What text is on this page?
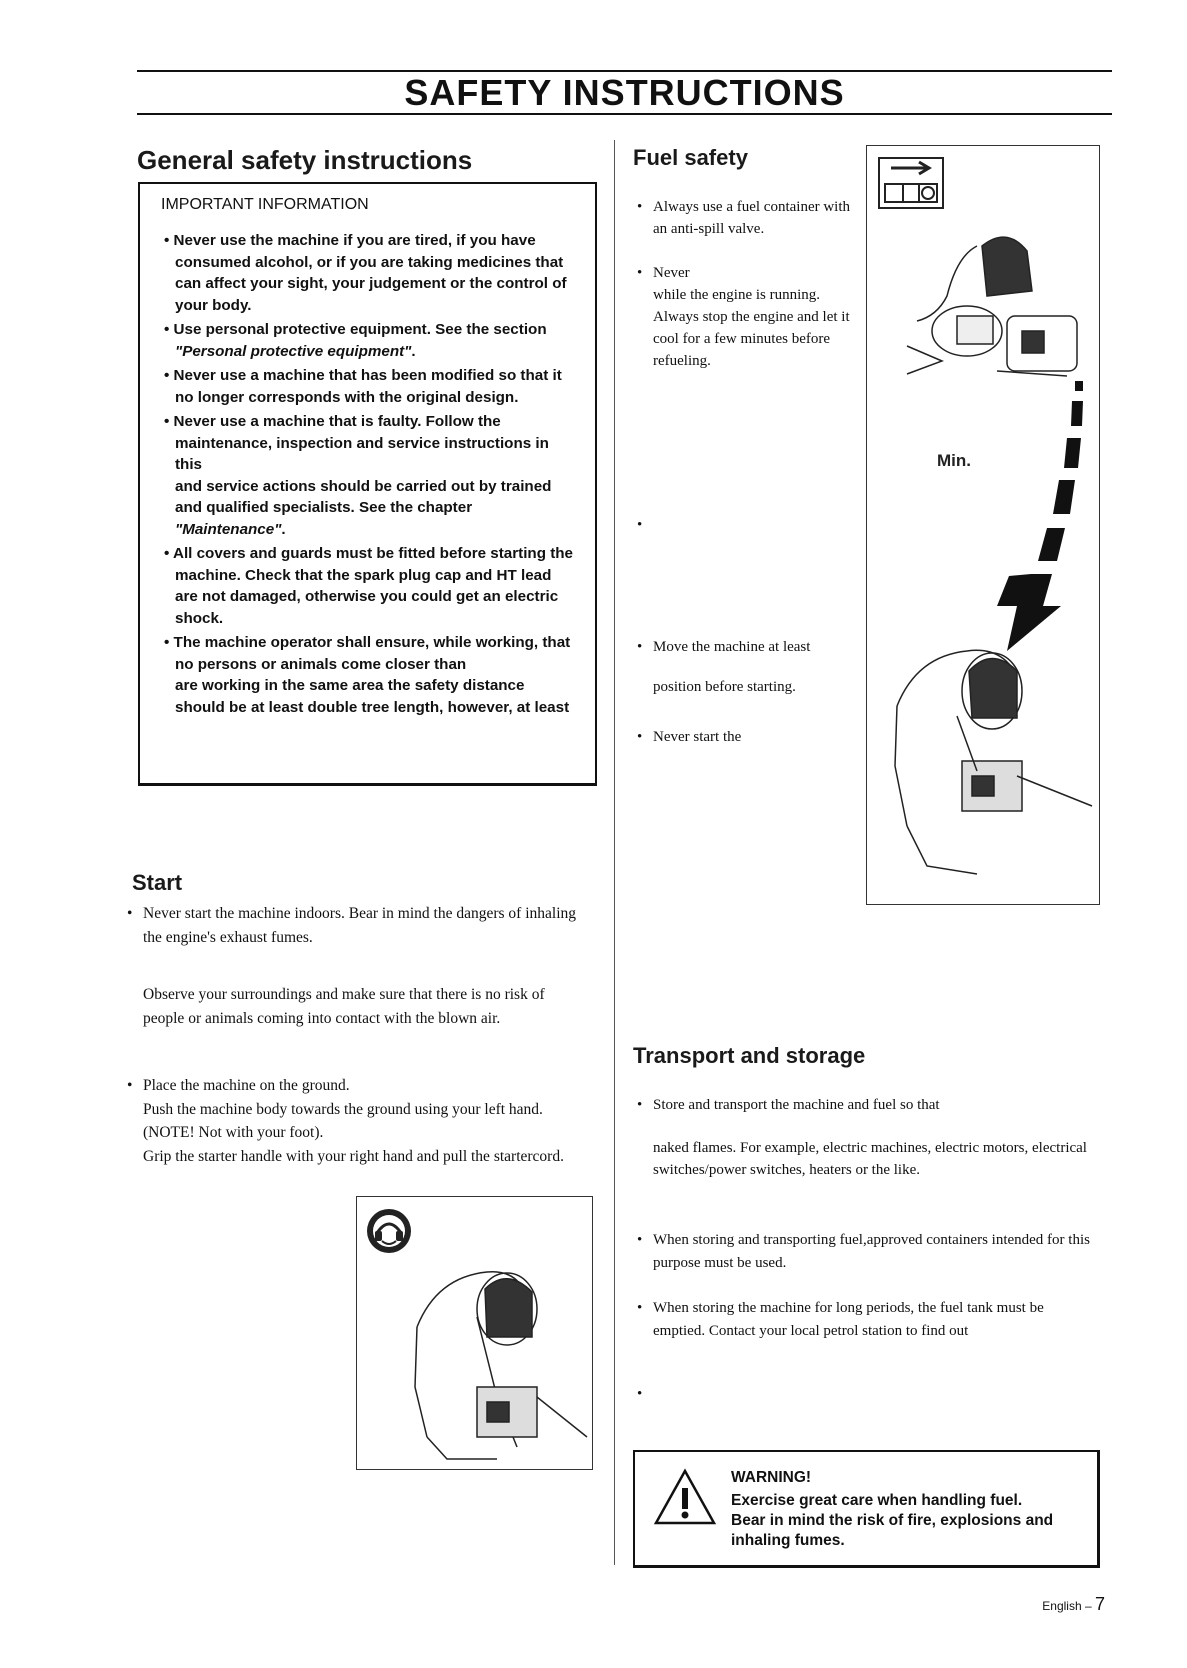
SAFETY INSTRUCTIONS
General safety instructions
IMPORTANT INFORMATION
• Never use the machine if you are tired, if you have consumed alcohol, or if you are taking medicines that can affect your sight, your judgement or the control of your body.
• Use personal protective equipment. See the section "Personal protective equipment".
• Never use a machine that has been modified so that it no longer corresponds with the original design.
• Never use a machine that is faulty. Follow the maintenance, inspection and service instructions in this
and service actions should be carried out by trained and qualified specialists. See the chapter "Maintenance".
• All covers and guards must be fitted before starting the machine. Check that the spark plug cap and HT lead are not damaged, otherwise you could get an electric shock.
• The machine operator shall ensure, while working, that no persons or animals come closer than
are working in the same area the safety distance should be at least double tree length, however, at least
Start
• Never start the machine indoors. Bear in mind the dangers of inhaling the engine's exhaust fumes.
Observe your surroundings and make sure that there is no risk of people or animals coming into contact with the blown air.
• Place the machine on the ground.
Push the machine body towards the ground using your left hand. (NOTE! Not with your foot).
Grip the starter handle with your right hand and pull the startercord.
Fuel safety
• Always use a fuel container with an anti-spill valve.
• Never
while the engine is running. Always stop the engine and let it cool for a few minutes before refueling.
• Move the machine at least
position before starting.
• Never start the
Min.
Transport and storage
• Store and transport the machine and fuel so that
naked flames. For example, electric machines, electric motors, electrical switches/power switches, heaters or the like.
• When storing and transporting fuel,approved containers intended for this purpose must be used.
• When storing the machine for long periods, the fuel tank must be emptied. Contact your local petrol station to find out
WARNING!
Exercise great care when handling fuel.
Bear in mind the risk of fire, explosions and inhaling fumes.
English – 7
